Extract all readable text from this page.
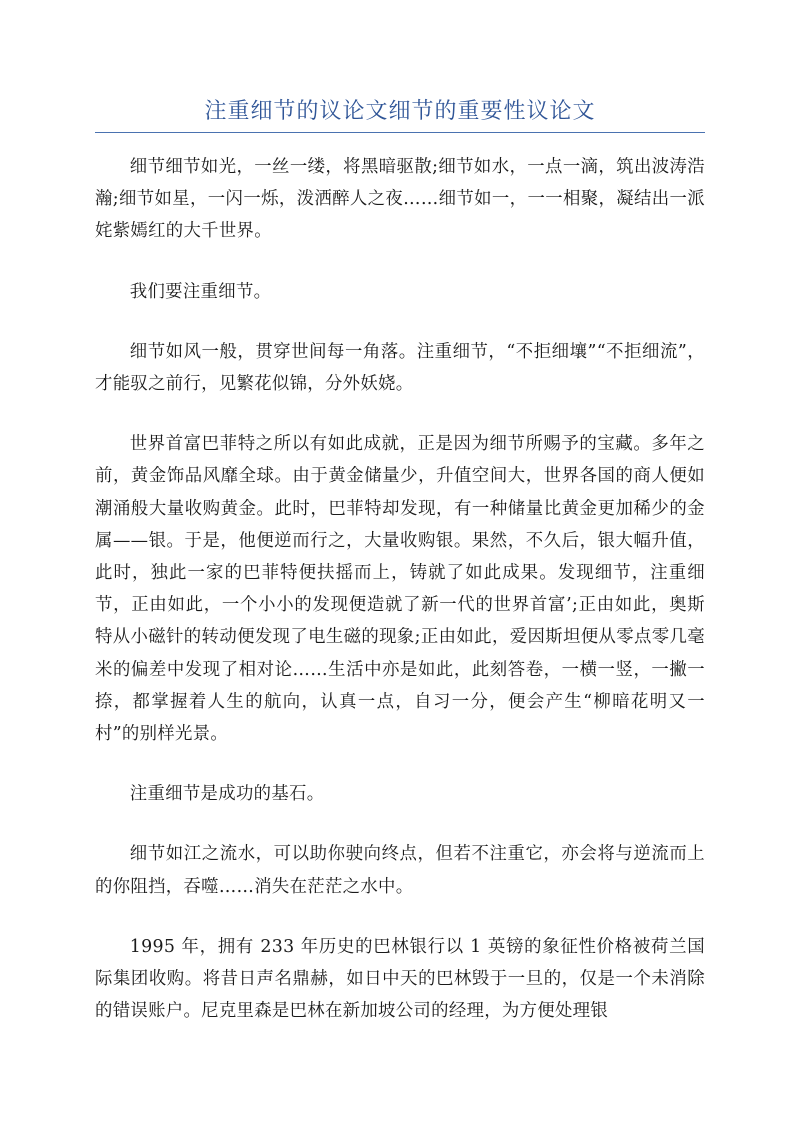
注重细节的议论文细节的重要性议论文

细节细节如光，一丝一缕，将黑暗驱散;细节如水，一点一滴，筑出波涛浩瀚;细节如星，一闪一烁，泼洒醉人之夜……细节如一，一一相聚，凝结出一派姹紫嫣红的大千世界。

我们要注重细节。

细节如风一般，贯穿世间每一角落。注重细节，“不拒细壤”“不拒细流”，才能驭之前行，见繁花似锦，分外妖娆。

世界首富巴菲特之所以有如此成就，正是因为细节所赐予的宝藏。多年之前，黄金饰品风靡全球。由于黄金储量少，升值空间大，世界各国的商人便如潮涌般大量收购黄金。此时，巴菲特却发现，有一种储量比黄金更加稀少的金属——银。于是，他便逆而行之，大量收购银。果然，不久后，银大幅升值，此时，独此一家的巴菲特便扶摇而上，铸就了如此成果。发现细节，注重细节，正由如此，一个小小的发现便造就了新一代的世界首富’;正由如此，奥斯特从小磁针的转动便发现了电生磁的现象;正由如此，爱因斯坦便从零点零几毫米的偏差中发现了相对论……生活中亦是如此，此刻答卷，一横一竖，一撇一捺，都掌握着人生的航向，认真一点，自习一分，便会产生“柳暗花明又一村”的别样光景。

注重细节是成功的基石。

细节如江之流水，可以助你驶向终点，但若不注重它，亦会将与逆流而上的你阻挡，吞噬……消失在茫茫之水中。

1995 年，拥有 233 年历史的巴林银行以 1 英镑的象征性价格被荷兰国际集团收购。将昔日声名鼎赫，如日中天的巴林毁于一旦的，仅是一个未消除的错误账户。尼克里森是巴林在新加坡公司的经理，为方便处理银
